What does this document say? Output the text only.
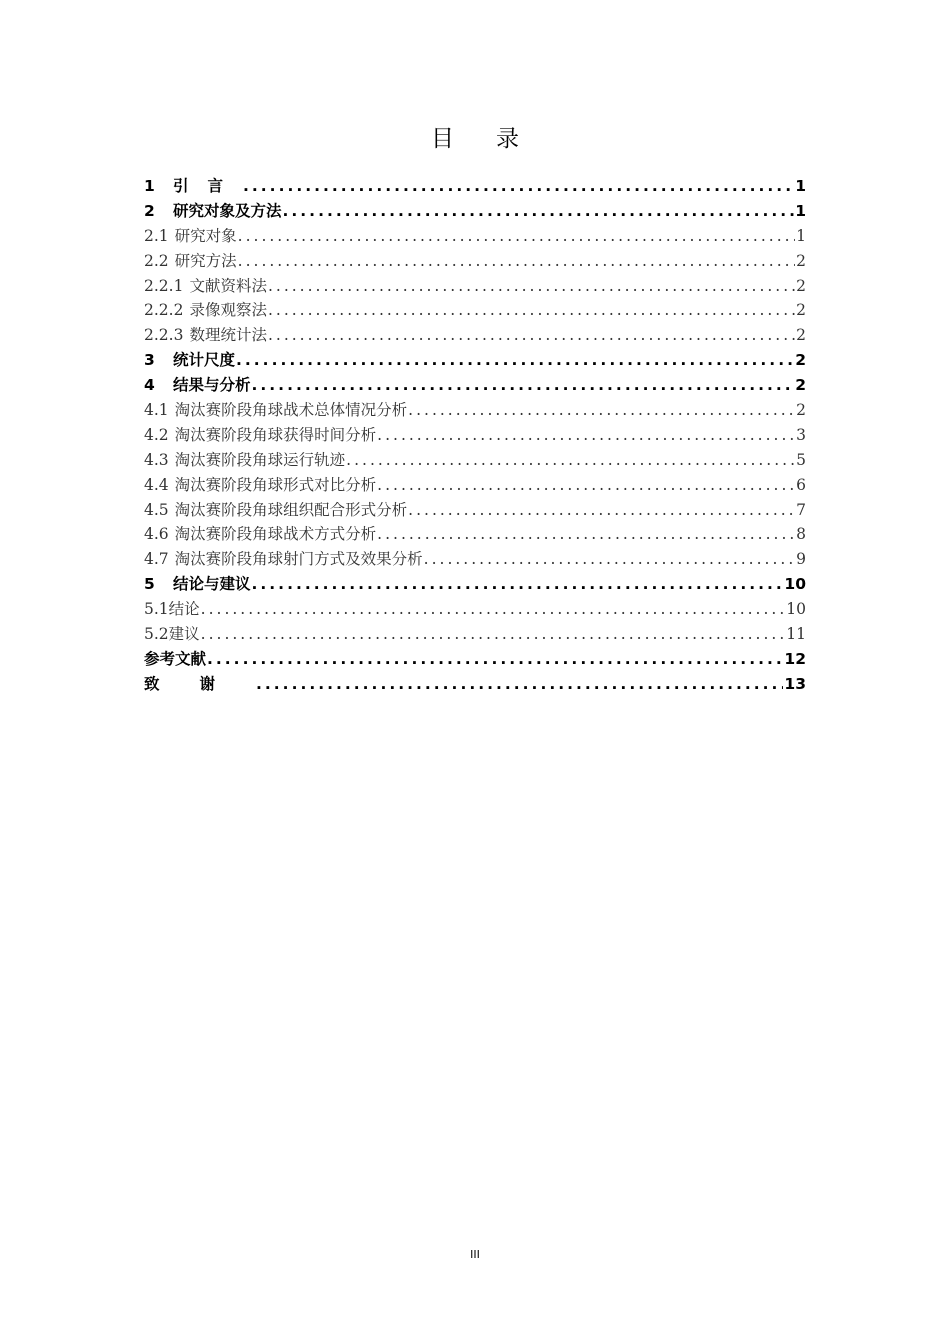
目录
1	引言 .....	1
2	研究对象及方法 .....	1
2.1 研究对象 .....	1
2.2 研究方法 .....	2
2.2.1 文献资料法 .....	2
2.2.2 录像观察法 .....	2
2.2.3 数理统计法 .....	2
3	统计尺度 .....	2
4	结果与分析 .....	2
4.1 淘汰赛阶段角球战术总体情况分析 .....	2
4.2 淘汰赛阶段角球获得时间分析 .....	3
4.3 淘汰赛阶段角球运行轨迹 .....	5
4.4 淘汰赛阶段角球形式对比分析 .....	6
4.5 淘汰赛阶段角球组织配合形式分析 .....	7
4.6 淘汰赛阶段角球战术方式分析 .....	8
4.7 淘汰赛阶段角球射门方式及效果分析 .....	9
5	结论与建议 .....	10
5.1 结论 .....	10
5.2 建议 .....	11
参考文献 .....	12
致谢 .....	13
III
